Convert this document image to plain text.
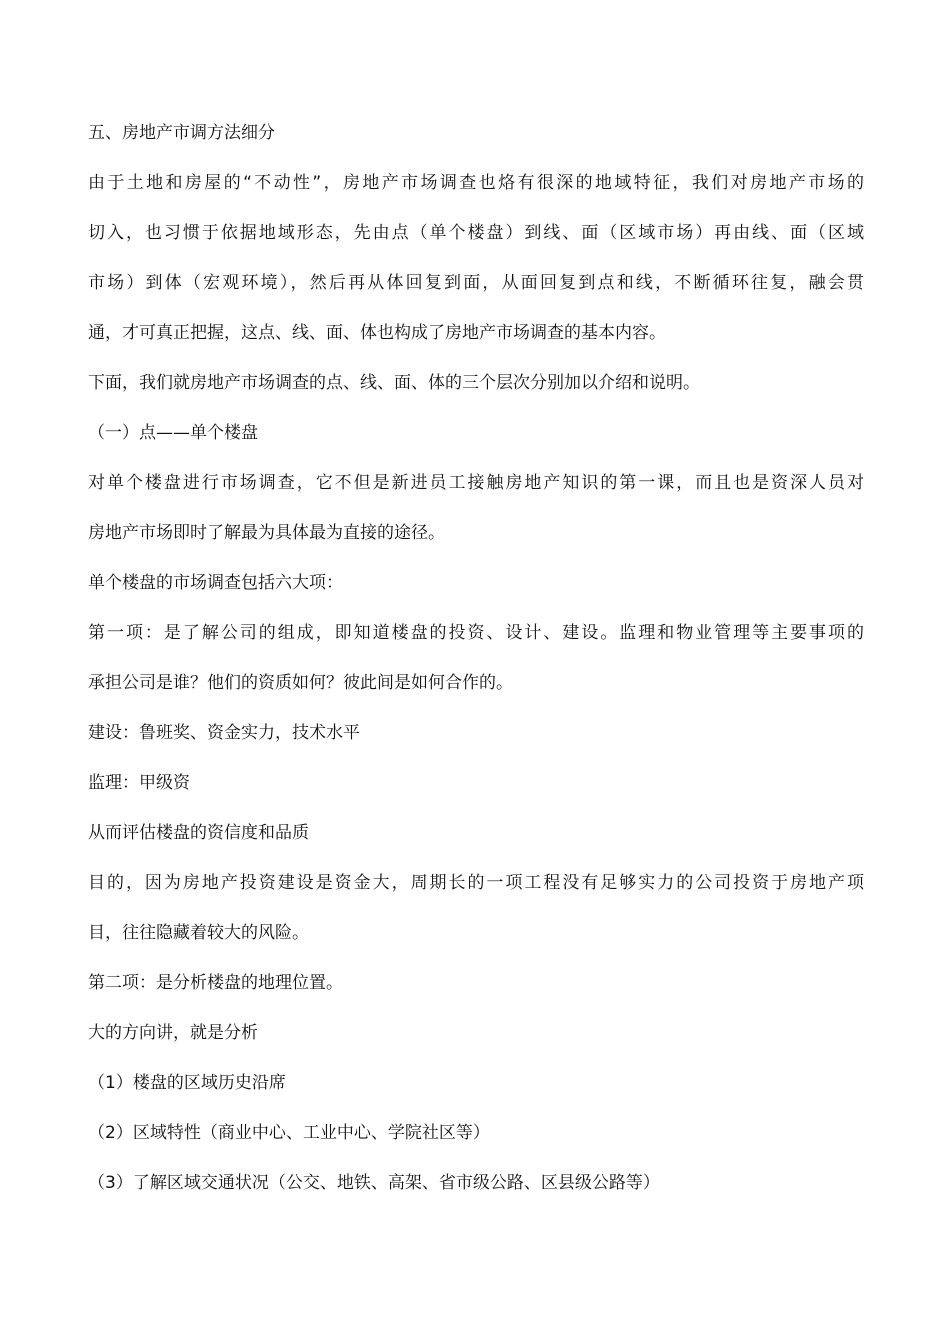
五、房地产市调方法细分
由于土地和房屋的“不动性”，房地产市场调查也烙有很深的地域特征，我们对房地产市场的
切入，也习惯于依据地域形态，先由点（单个楼盘）到线、面（区域市场）再由线、面（区域
市场）到体（宏观环境），然后再从体回复到面，从面回复到点和线，不断循环往复，融会贯
通，才可真正把握，这点、线、面、体也构成了房地产市场调查的基本内容。
下面，我们就房地产市场调查的点、线、面、体的三个层次分别加以介绍和说明。
（一）点——单个楼盘
对单个楼盘进行市场调查，它不但是新进员工接触房地产知识的第一课，而且也是资深人员对
房地产市场即时了解最为具体最为直接的途径。
单个楼盘的市场调查包括六大项：
第一项：是了解公司的组成，即知道楼盘的投资、设计、建设。监理和物业管理等主要事项的
承担公司是谁？他们的资质如何？彼此间是如何合作的。
建设：鲁班奖、资金实力，技术水平
监理：甲级资
从而评估楼盘的资信度和品质
目的，因为房地产投资建设是资金大，周期长的一项工程没有足够实力的公司投资于房地产项
目，往往隐藏着较大的风险。
第二项：是分析楼盘的地理位置。
大的方向讲，就是分析
（1）楼盘的区域历史沿席
（2）区域特性（商业中心、工业中心、学院社区等）
（3）了解区域交通状况（公交、地铁、高架、省市级公路、区县级公路等）
